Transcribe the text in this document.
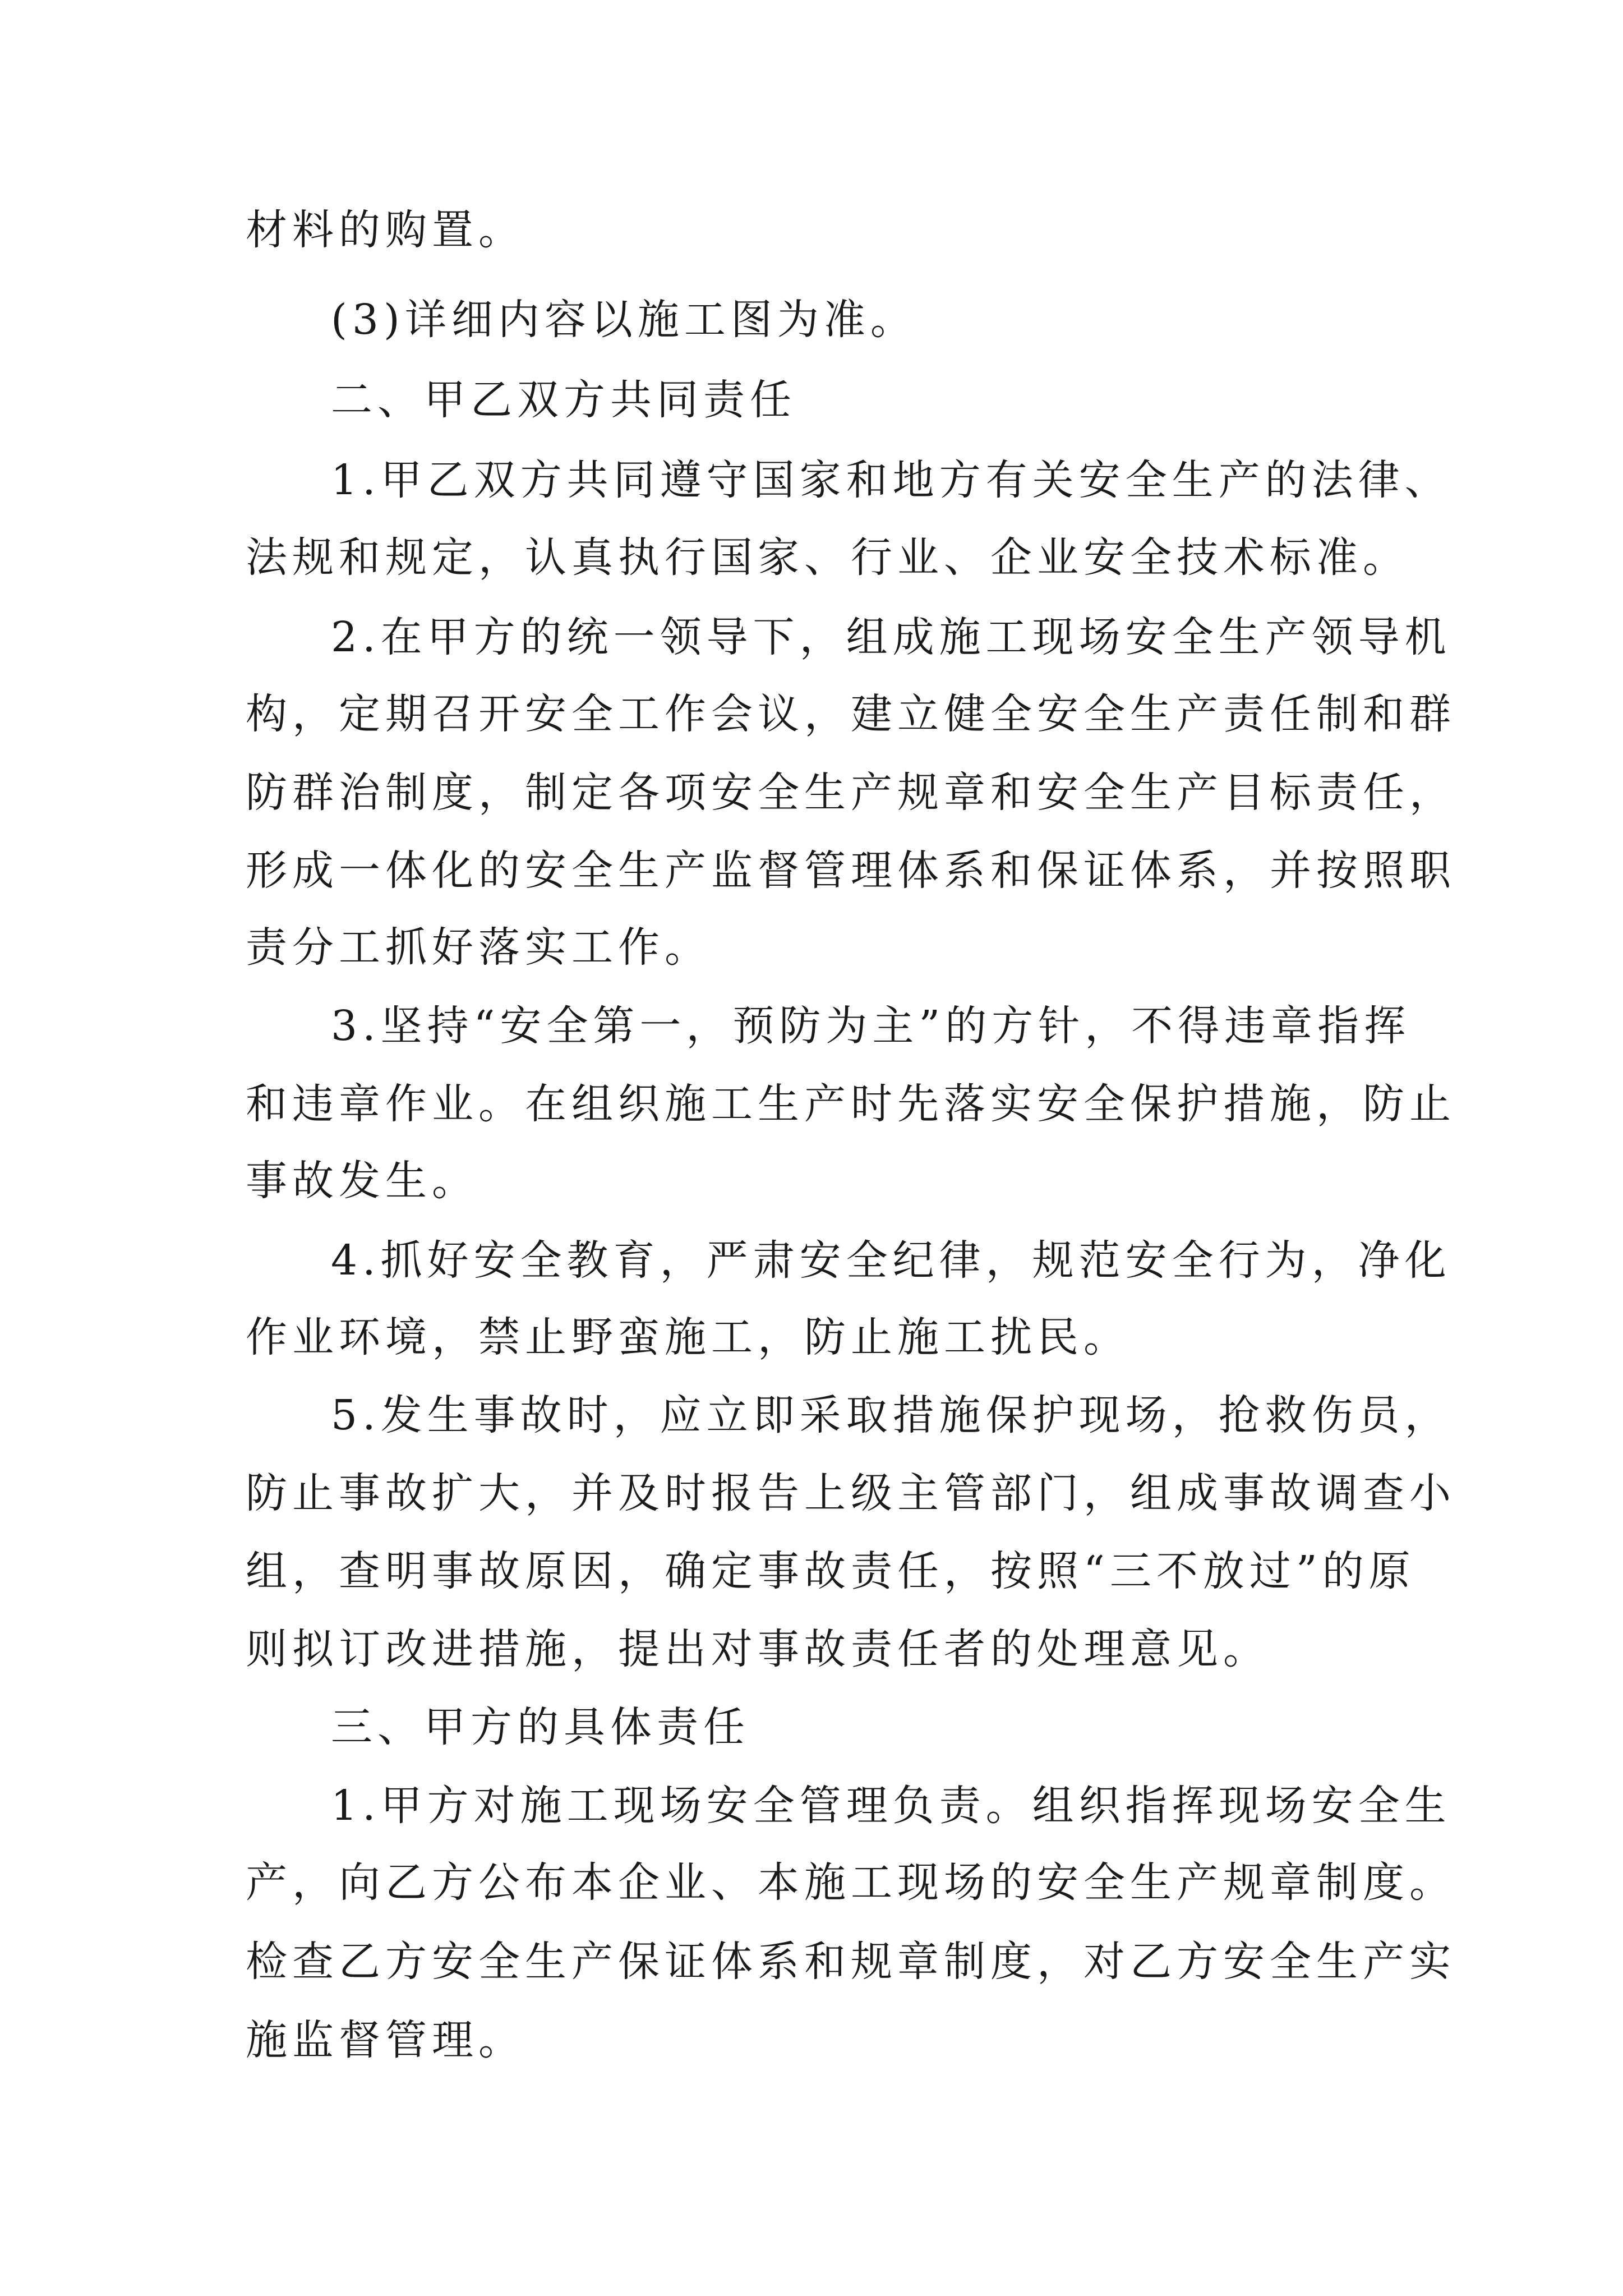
材料的购置。
(3)详细内容以施工图为准。
二、甲乙双方共同责任
1.甲乙双方共同遵守国家和地方有关安全生产的法律、
法规和规定，认真执行国家、行业、企业安全技术标准。
2.在甲方的统一领导下，组成施工现场安全生产领导机
构，定期召开安全工作会议，建立健全安全生产责任制和群
防群治制度，制定各项安全生产规章和安全生产目标责任，
形成一体化的安全生产监督管理体系和保证体系，并按照职
责分工抓好落实工作。
3.坚持“安全第一，预防为主”的方针，不得违章指挥
和违章作业。在组织施工生产时先落实安全保护措施，防止
事故发生。
4.抓好安全教育，严肃安全纪律，规范安全行为，净化
作业环境，禁止野蛮施工，防止施工扰民。
5.发生事故时，应立即采取措施保护现场，抢救伤员，
防止事故扩大，并及时报告上级主管部门，组成事故调查小
组，查明事故原因，确定事故责任，按照“三不放过”的原
则拟订改进措施，提出对事故责任者的处理意见。
三、甲方的具体责任
1.甲方对施工现场安全管理负责。组织指挥现场安全生
产，向乙方公布本企业、本施工现场的安全生产规章制度。
检查乙方安全生产保证体系和规章制度，对乙方安全生产实
施监督管理。
